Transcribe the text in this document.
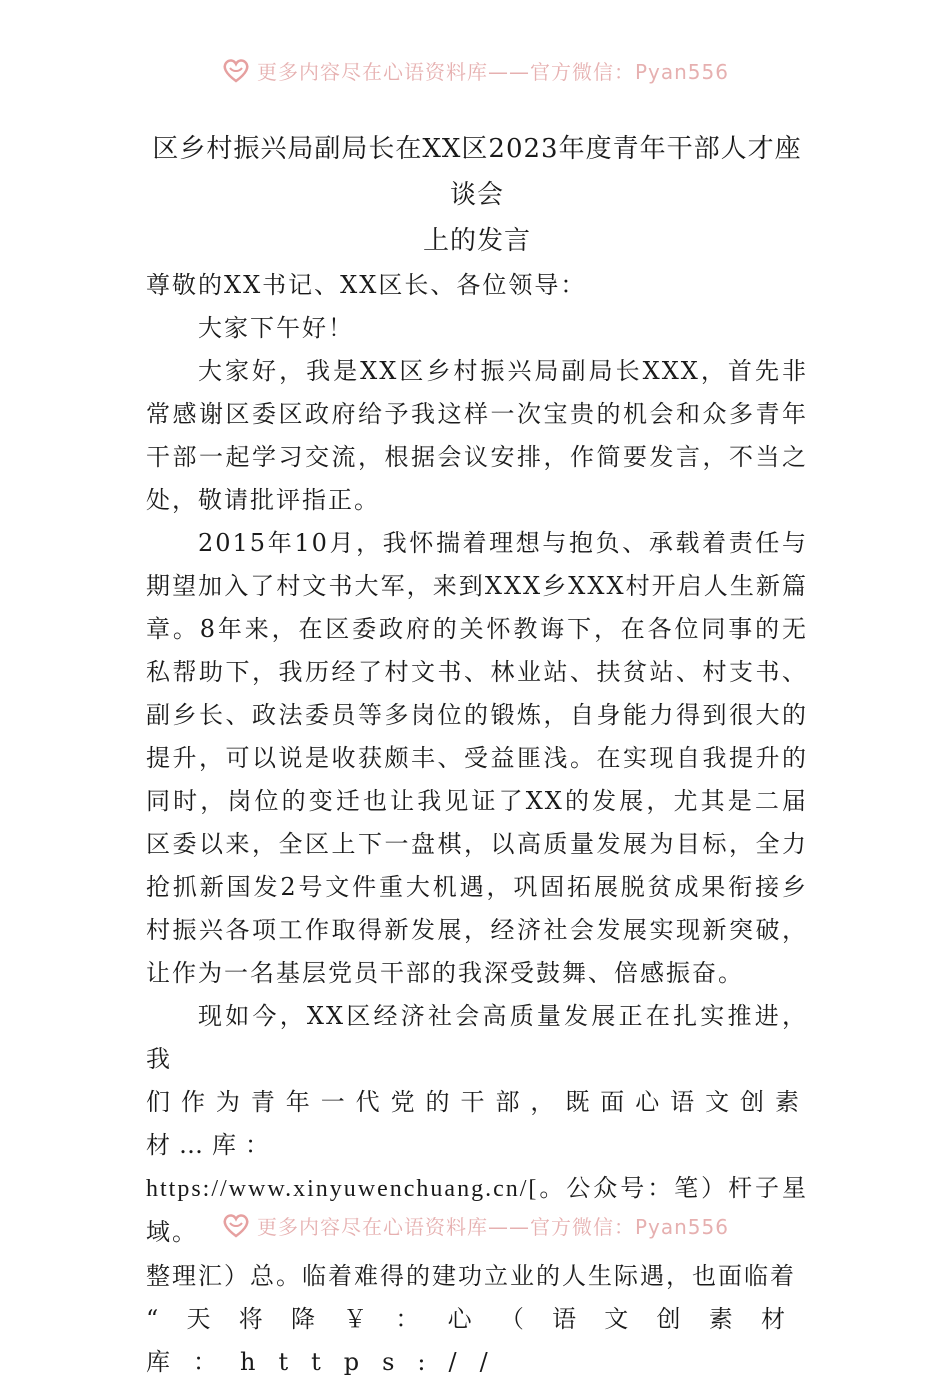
更多内容尽在心语资料库——官方微信：Pyan556
区乡村振兴局副局长在XX区2023年度青年干部人才座谈会
上的发言

尊敬的XX书记、XX区长、各位领导：

大家下午好！

大家好，我是XX区乡村振兴局副局长XXX，首先非常感谢区委区政府给予我这样一次宝贵的机会和众多青年干部一起学习交流，根据会议安排，作简要发言，不当之处，敬请批评指正。

2015年10月，我怀揣着理想与抱负、承载着责任与期望加入了村文书大军，来到XXX乡XXX村开启人生新篇章。8年来，在区委政府的关怀教诲下，在各位同事的无私帮助下，我历经了村文书、林业站、扶贫站、村支书、副乡长、政法委员等多岗位的锻炼，自身能力得到很大的提升，可以说是收获颇丰、受益匪浅。在实现自我提升的同时，岗位的变迁也让我见证了XX的发展，尤其是二届区委以来，全区上下一盘棋，以高质量发展为目标，全力抢抓新国发2号文件重大机遇，巩固拓展脱贫成果衔接乡村振兴各项工作取得新发展，经济社会发展实现新突破，让作为一名基层党员干部的我深受鼓舞、倍感振奋。

现如今，XX区经济社会高质量发展正在扎实推进，我
们作为青年一代党的干部，既面心语文创素材…库：
https://www.xinyuwenchuang.cn/[。公众号：笔）杆子星域。
整理汇）总。临着难得的建功立业的人生际遇，也面临着
“天将降￥：心（语文创素材库：https://

更多内容尽在心语资料库——官方微信：Pyan556
